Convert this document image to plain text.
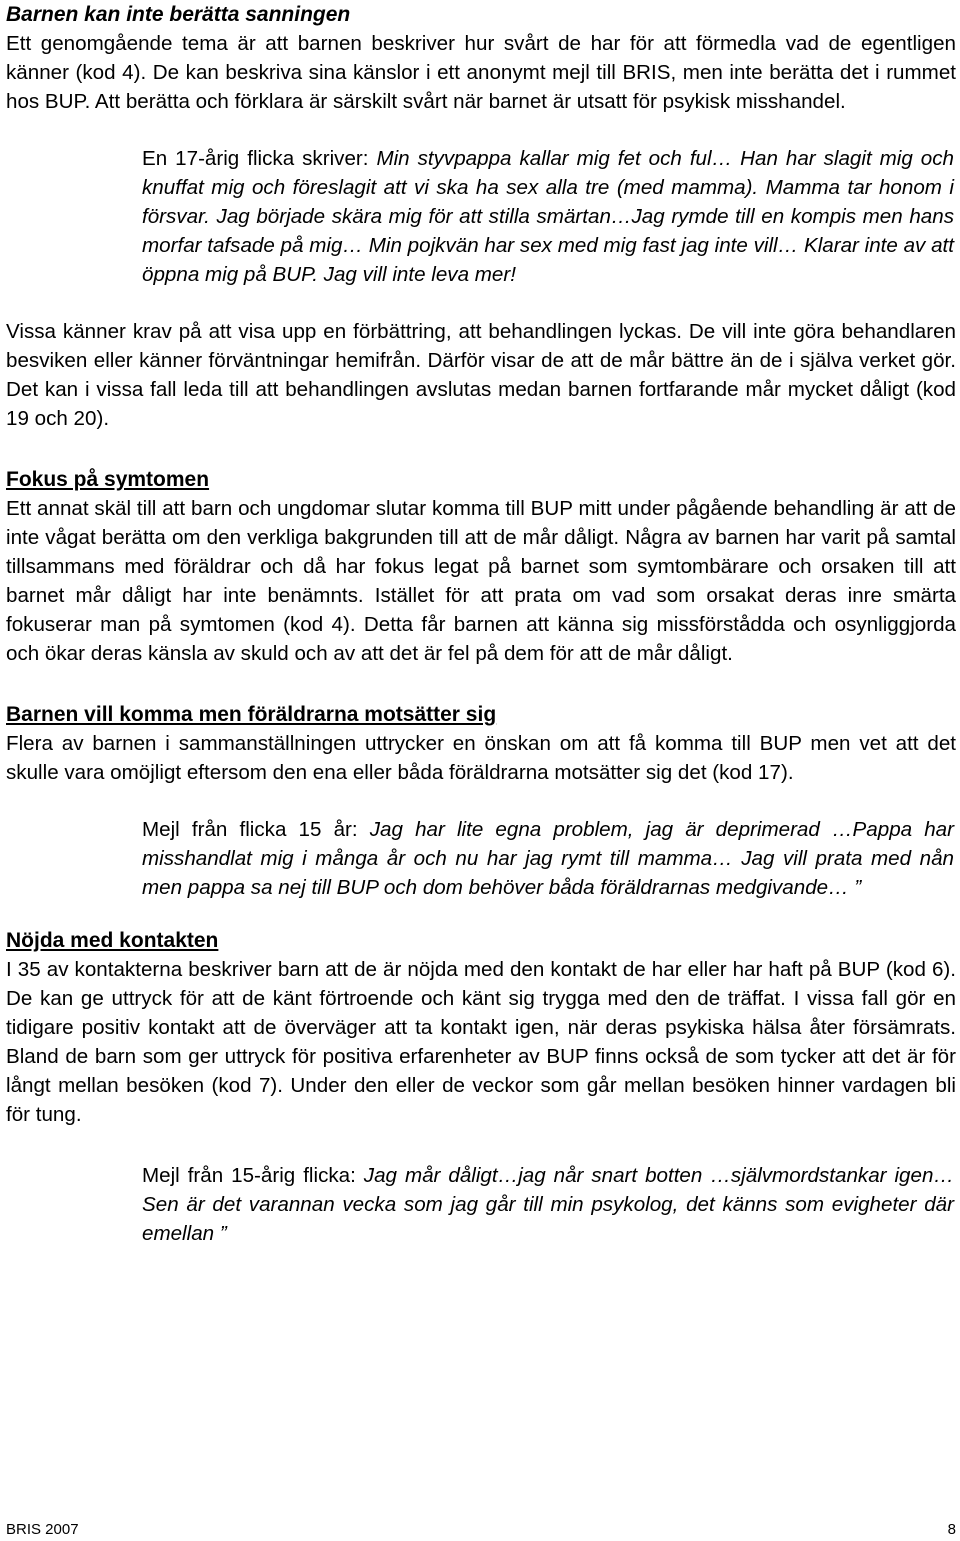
Barnen kan inte berätta sanningen

Ett genomgående tema är att barnen beskriver hur svårt de har för att förmedla vad de egentligen känner (kod 4). De kan beskriva sina känslor i ett anonymt mejl till BRIS, men inte berätta det i rummet hos BUP. Att berätta och förklara är särskilt svårt när barnet är utsatt för psykisk misshandel.

En 17-årig flicka skriver: Min styvpappa kallar mig fet och ful… Han har slagit mig och knuffat mig och föreslagit att vi ska ha sex alla tre (med mamma). Mamma tar honom i försvar. Jag började skära mig för att stilla smärtan…Jag rymde till en kompis men hans morfar tafsade på mig… Min pojkvän har sex med mig fast jag inte vill… Klarar inte av att öppna mig på BUP. Jag vill inte leva mer!

Vissa känner krav på att visa upp en förbättring, att behandlingen lyckas. De vill inte göra behandlaren besviken eller känner förväntningar hemifrån. Därför visar de att de mår bättre än de i själva verket gör. Det kan i vissa fall leda till att behandlingen avslutas medan barnen fortfarande mår mycket dåligt (kod 19 och 20).

Fokus på symtomen

Ett annat skäl till att barn och ungdomar slutar komma till BUP mitt under pågående behandling är att de inte vågat berätta om den verkliga bakgrunden till att de mår dåligt. Några av barnen har varit på samtal tillsammans med föräldrar och då har fokus legat på barnet som symtombärare och orsaken till att barnet mår dåligt har inte benämnts. Istället för att prata om vad som orsakat deras inre smärta fokuserar man på symtomen (kod 4). Detta får barnen att känna sig missförstådda och osynliggjorda och ökar deras känsla av skuld och av att det är fel på dem för att de mår dåligt.

Barnen vill komma men föräldrarna motsätter sig

Flera av barnen i sammanställningen uttrycker en önskan om att få komma till BUP men vet att det skulle vara omöjligt eftersom den ena eller båda föräldrarna motsätter sig det (kod 17).

Mejl från flicka 15 år: Jag har lite egna problem, jag är deprimerad …Pappa har misshandlat mig i många år och nu har jag rymt till mamma… Jag vill prata med nån men pappa sa nej till BUP och dom behöver båda föräldrarnas medgivande… ”

Nöjda med kontakten

I 35 av kontakterna beskriver barn att de är nöjda med den kontakt de har eller har haft på BUP (kod 6). De kan ge uttryck för att de känt förtroende och känt sig trygga med den de träffat. I vissa fall gör en tidigare positiv kontakt att de överväger att ta kontakt igen, när deras psykiska hälsa åter försämrats. Bland de barn som ger uttryck för positiva erfarenheter av BUP finns också de som tycker att det är för långt mellan besöken (kod 7). Under den eller de veckor som går mellan besöken hinner vardagen bli för tung.

Mejl från 15-årig flicka: Jag mår dåligt…jag når snart botten …självmordstankar igen… Sen är det varannan vecka som jag går till min psykolog, det känns som evigheter där emellan ”

BRIS 2007	8
